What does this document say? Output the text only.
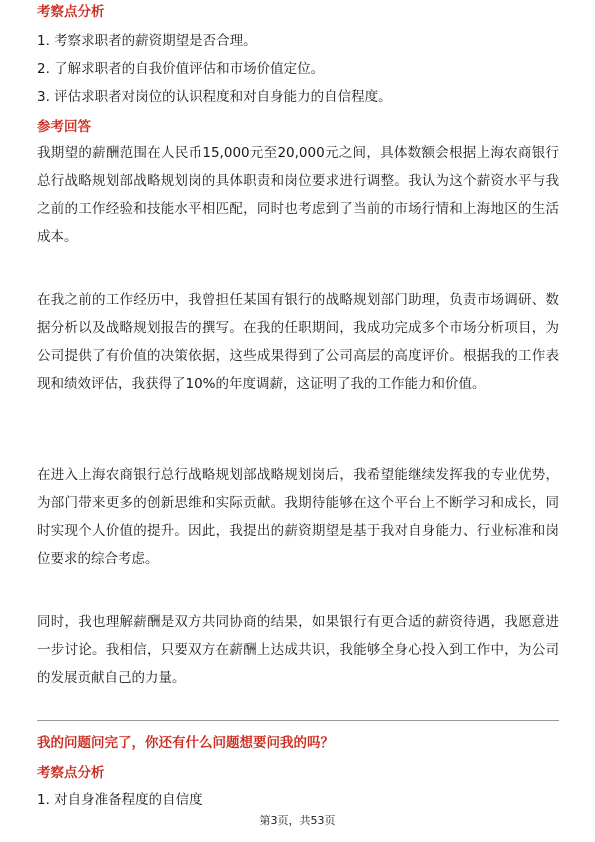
考察点分析
1. 考察求职者的薪资期望是否合理。
2. 了解求职者的自我价值评估和市场价值定位。
3. 评估求职者对岗位的认识程度和对自身能力的自信程度。
参考回答

我期望的薪酬范围在人民币15,000元至20,000元之间，具体数额会根据上海农商银行总行战略规划部战略规划岗的具体职责和岗位要求进行调整。我认为这个薪资水平与我之前的工作经验和技能水平相匹配，同时也考虑到了当前的市场行情和上海地区的生活成本。

在我之前的工作经历中，我曾担任某国有银行的战略规划部门助理，负责市场调研、数据分析以及战略规划报告的撰写。在我的任职期间，我成功完成多个市场分析项目，为公司提供了有价值的决策依据，这些成果得到了公司高层的高度评价。根据我的工作表现和绩效评估，我获得了10%的年度调薪，这证明了我的工作能力和价值。

在进入上海农商银行总行战略规划部战略规划岗后，我希望能继续发挥我的专业优势，为部门带来更多的创新思维和实际贡献。我期待能够在这个平台上不断学习和成长，同时实现个人价值的提升。因此，我提出的薪资期望是基于我对自身能力、行业标准和岗位要求的综合考虑。

同时，我也理解薪酬是双方共同协商的结果，如果银行有更合适的薪资待遇，我愿意进一步讨论。我相信，只要双方在薪酬上达成共识，我能够全身心投入到工作中，为公司的发展贡献自己的力量。

我的问题问完了，你还有什么问题想要问我的吗？
考察点分析
1. 对自身准备程度的自信度
第3页，共53页
